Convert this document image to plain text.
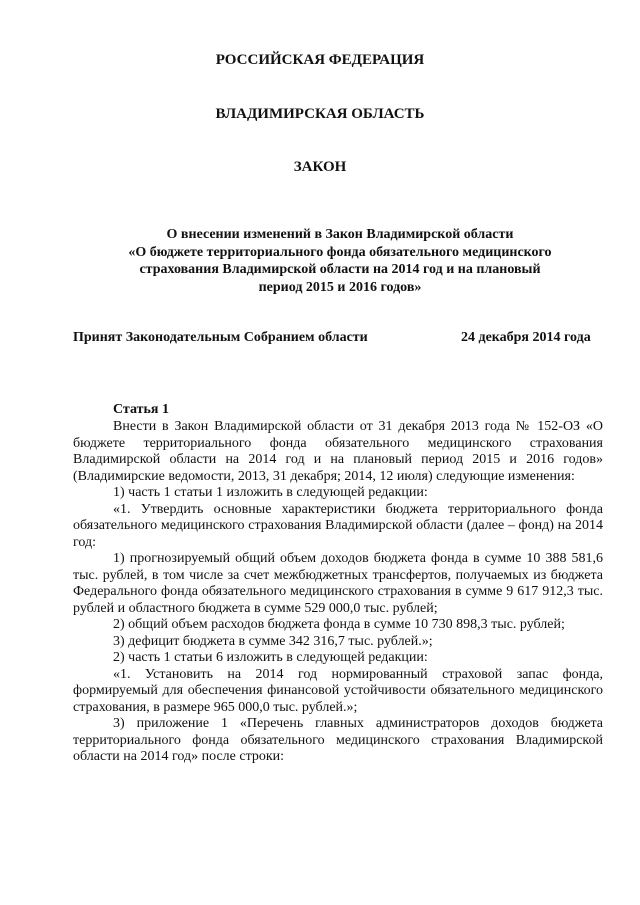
РОССИЙСКАЯ ФЕДЕРАЦИЯ
ВЛАДИМИРСКАЯ ОБЛАСТЬ
ЗАКОН
О внесении изменений в Закон Владимирской области
«О бюджете территориального фонда обязательного медицинского
страхования Владимирской области на 2014 год и на плановый
период 2015 и 2016 годов»
Принят Законодательным Собранием области	24 декабря 2014 года
Статья 1

Внести в Закон Владимирской области от 31 декабря 2013 года № 152-ОЗ «О бюджете территориального фонда обязательного медицинского страхования Владимирской области на 2014 год и на плановый период 2015 и 2016 годов» (Владимирские ведомости, 2013, 31 декабря; 2014, 12 июля) следующие изменения:

1) часть 1 статьи 1 изложить в следующей редакции:

«1. Утвердить основные характеристики бюджета территориального фонда обязательного медицинского страхования Владимирской области (далее – фонд) на 2014 год:

1) прогнозируемый общий объем доходов бюджета фонда в сумме 10 388 581,6 тыс. рублей, в том числе за счет межбюджетных трансфертов, получаемых из бюджета Федерального фонда обязательного медицинского страхования в сумме 9 617 912,3 тыс. рублей и областного бюджета в сумме 529 000,0 тыс. рублей;

2) общий объем расходов бюджета фонда в сумме 10 730 898,3 тыс. рублей;

3) дефицит бюджета в сумме 342 316,7 тыс. рублей.»;

2) часть 1 статьи 6 изложить в следующей редакции:

«1. Установить на 2014 год нормированный страховой запас фонда, формируемый для обеспечения финансовой устойчивости обязательного медицинского страхования, в размере 965 000,0 тыс. рублей.»;

3) приложение 1 «Перечень главных администраторов доходов бюджета территориального фонда обязательного медицинского страхования Владимирской области на 2014 год» после строки:
